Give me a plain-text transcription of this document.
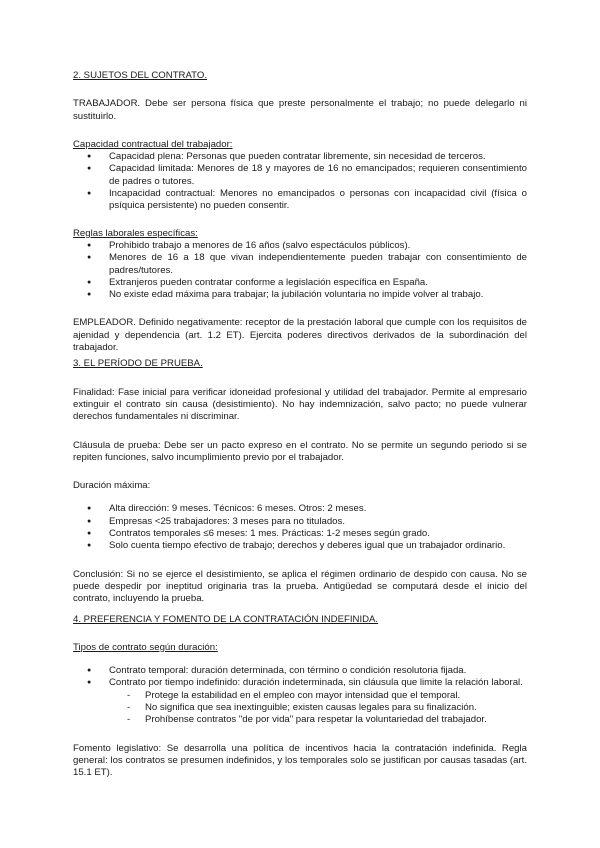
2. SUJETOS DEL CONTRATO.

TRABAJADOR. Debe ser persona física que preste personalmente el trabajo; no puede delegarlo ni sustituirlo.

Capacidad contractual del trabajador:

● Capacidad plena: Personas que pueden contratar libremente, sin necesidad de terceros.
● Capacidad limitada: Menores de 18 y mayores de 16 no emancipados; requieren consentimiento de padres o tutores.
● Incapacidad contractual: Menores no emancipados o personas con incapacidad civil (física o psíquica persistente) no pueden consentir.

Reglas laborales específicas:

● Prohibido trabajo a menores de 16 años (salvo espectáculos públicos).
● Menores de 16 a 18 que vivan independientemente pueden trabajar con consentimiento de padres/tutores.
● Extranjeros pueden contratar conforme a legislación específica en España.
● No existe edad máxima para trabajar; la jubilación voluntaria no impide volver al trabajo.

EMPLEADOR. Definido negativamente: receptor de la prestación laboral que cumple con los requisitos de ajenidad y dependencia (art. 1.2 ET). Ejercita poderes directivos derivados de la subordinación del trabajador.

3. EL PERÍODO DE PRUEBA.

Finalidad: Fase inicial para verificar idoneidad profesional y utilidad del trabajador. Permite al empresario extinguir el contrato sin causa (desistimiento). No hay indemnización, salvo pacto; no puede vulnerar derechos fundamentales ni discriminar.

Cláusula de prueba: Debe ser un pacto expreso en el contrato. No se permite un segundo periodo si se repiten funciones, salvo incumplimiento previo por el trabajador.

Duración máxima:

● Alta dirección: 9 meses. Técnicos: 6 meses. Otros: 2 meses.
● Empresas <25 trabajadores: 3 meses para no titulados.
● Contratos temporales ≤6 meses: 1 mes. Prácticas: 1-2 meses según grado.
● Solo cuenta tiempo efectivo de trabajo; derechos y deberes igual que un trabajador ordinario.

Conclusión: Si no se ejerce el desistimiento, se aplica el régimen ordinario de despido con causa. No se puede despedir por ineptitud originaria tras la prueba. Antigüedad se computará desde el inicio del contrato, incluyendo la prueba.

4. PREFERENCIA Y FOMENTO DE LA CONTRATACIÓN INDEFINIDA.

Tipos de contrato según duración:

● Contrato temporal: duración determinada, con término o condición resolutoria fijada.
● Contrato por tiempo indefinido: duración indeterminada, sin cláusula que limite la relación laboral.
- Protege la estabilidad en el empleo con mayor intensidad que el temporal.
- No significa que sea inextinguible; existen causas legales para su finalización.
- Prohíbense contratos "de por vida" para respetar la voluntariedad del trabajador.

Fomento legislativo: Se desarrolla una política de incentivos hacia la contratación indefinida. Regla general: los contratos se presumen indefinidos, y los temporales solo se justifican por causas tasadas (art. 15.1 ET).
